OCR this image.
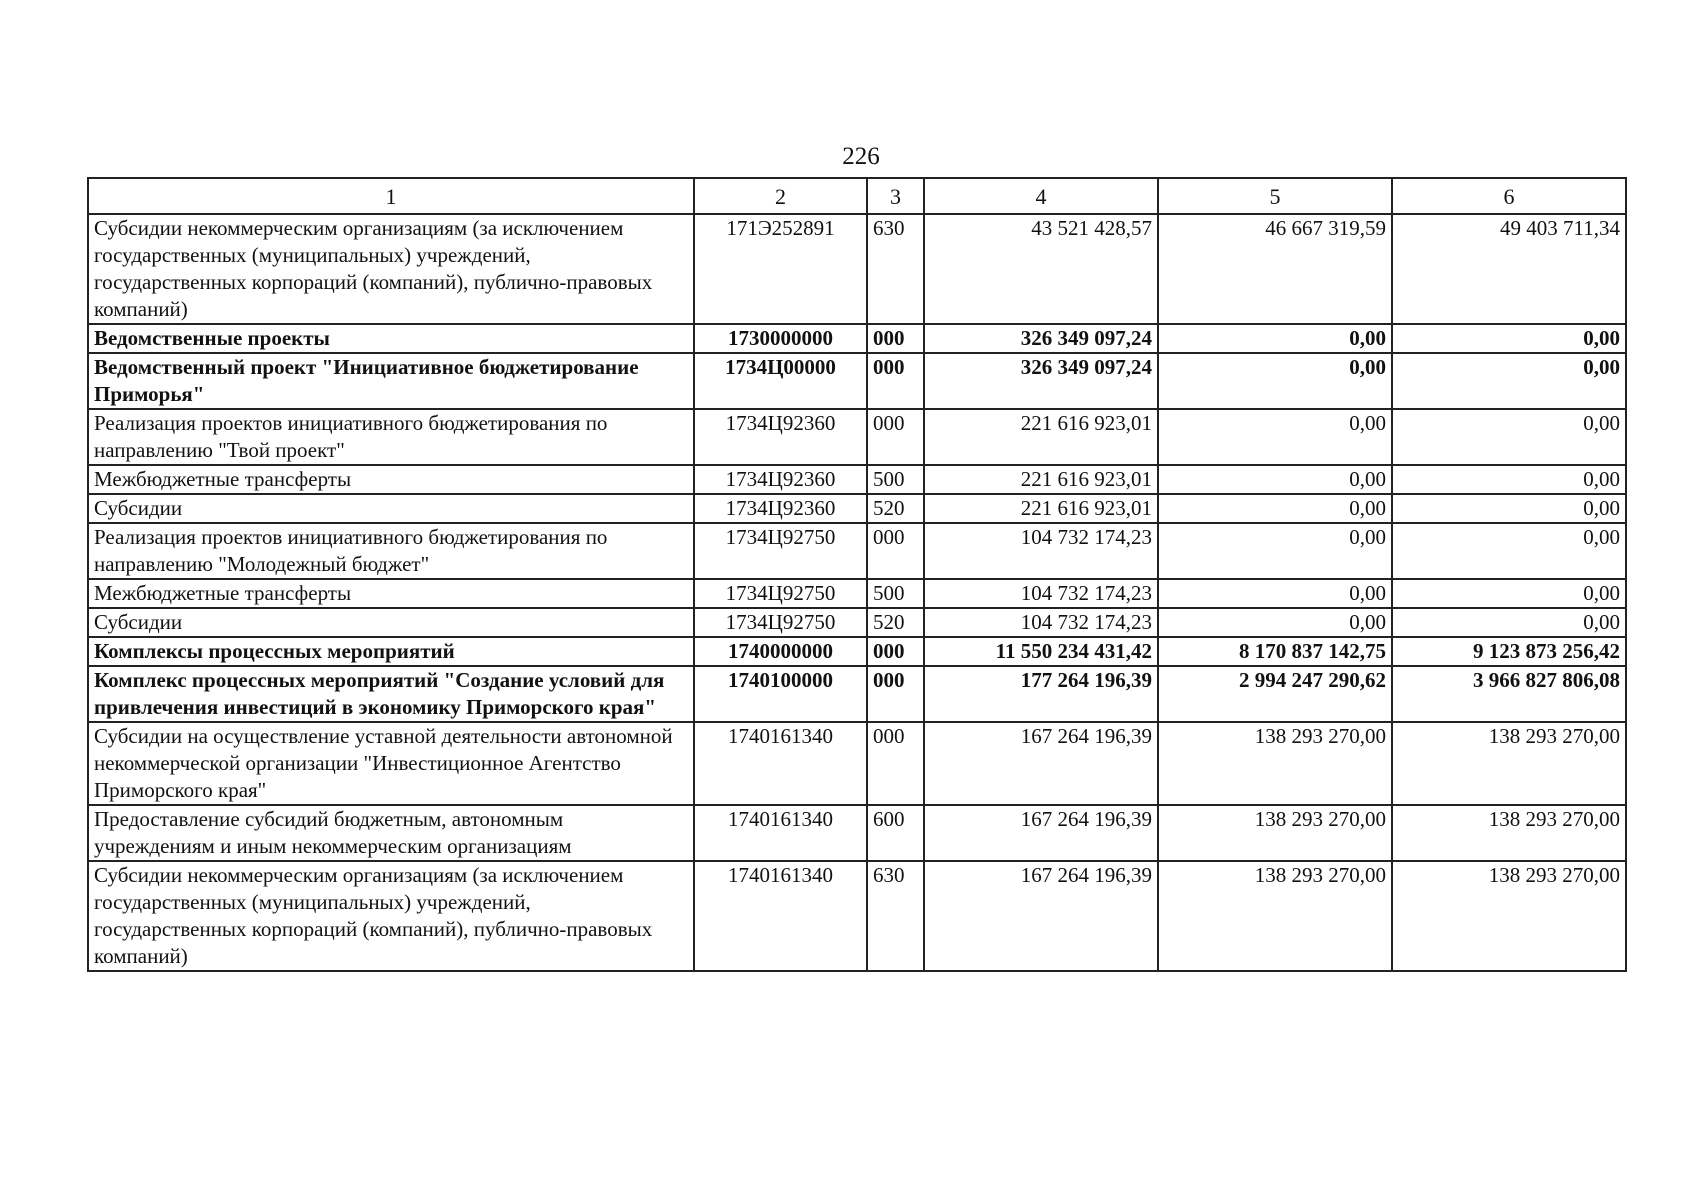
226
1	2	3	4	5	6
Субсидии некоммерческим организациям (за исключением государственных (муниципальных) учреждений, государственных корпораций (компаний), публично-правовых компаний)	171Э252891	630	43 521 428,57	46 667 319,59	49 403 711,34
Ведомственные проекты	1730000000	000	326 349 097,24	0,00	0,00
Ведомственный проект "Инициативное бюджетирование Приморья"	1734Ц00000	000	326 349 097,24	0,00	0,00
Реализация проектов инициативного бюджетирования по направлению "Твой проект"	1734Ц92360	000	221 616 923,01	0,00	0,00
Межбюджетные трансферты	1734Ц92360	500	221 616 923,01	0,00	0,00
Субсидии	1734Ц92360	520	221 616 923,01	0,00	0,00
Реализация проектов инициативного бюджетирования по направлению "Молодежный бюджет"	1734Ц92750	000	104 732 174,23	0,00	0,00
Межбюджетные трансферты	1734Ц92750	500	104 732 174,23	0,00	0,00
Субсидии	1734Ц92750	520	104 732 174,23	0,00	0,00
Комплексы процессных мероприятий	1740000000	000	11 550 234 431,42	8 170 837 142,75	9 123 873 256,42
Комплекс процессных мероприятий "Создание условий для привлечения инвестиций в экономику Приморского края"	1740100000	000	177 264 196,39	2 994 247 290,62	3 966 827 806,08
Субсидии на осуществление уставной деятельности автономной некоммерческой организации "Инвестиционное Агентство Приморского края"	1740161340	000	167 264 196,39	138 293 270,00	138 293 270,00
Предоставление субсидий бюджетным, автономным учреждениям и иным некоммерческим организациям	1740161340	600	167 264 196,39	138 293 270,00	138 293 270,00
Субсидии некоммерческим организациям (за исключением государственных (муниципальных) учреждений, государственных корпораций (компаний), публично-правовых компаний)	1740161340	630	167 264 196,39	138 293 270,00	138 293 270,00
